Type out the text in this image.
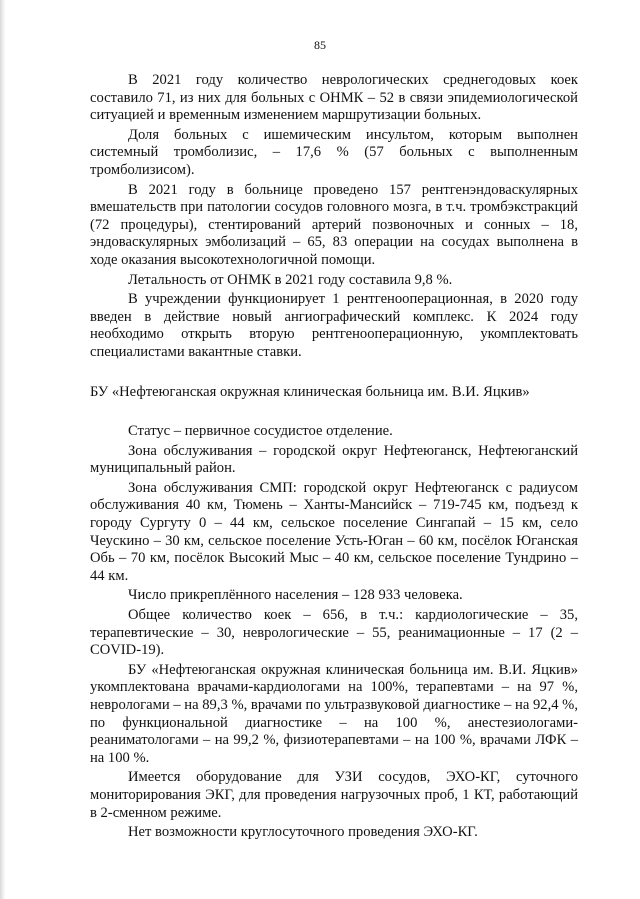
85

В 2021 году количество неврологических среднегодовых коек составило 71, из них для больных с ОНМК – 52 в связи эпидемиологической ситуацией и временным изменением маршрутизации больных.

Доля больных с ишемическим инсультом, которым выполнен системный тромболизис, – 17,6 % (57 больных с выполненным тромболизисом).

В 2021 году в больнице проведено 157 рентгенэндоваскулярных вмешательств при патологии сосудов головного мозга, в т.ч. тромбэкстракций (72 процедуры), стентирований артерий позвоночных и сонных – 18, эндоваскулярных эмболизаций – 65, 83 операции на сосудах выполнена в ходе оказания высокотехнологичной помощи.

Летальность от ОНМК в 2021 году составила 9,8 %.

В учреждении функционирует 1 рентгенооперационная, в 2020 году введен в действие новый ангиографический комплекс. К 2024 году необходимо открыть вторую рентгенооперационную, укомплектовать специалистами вакантные ставки.

БУ «Нефтеюганская окружная клиническая больница им. В.И. Яцкив»

Статус – первичное сосудистое отделение.

Зона обслуживания – городской округ Нефтеюганск, Нефтеюганский муниципальный район.

Зона обслуживания СМП: городской округ Нефтеюганск с радиусом обслуживания 40 км, Тюмень – Ханты-Мансийск – 719-745 км, подъезд к городу Сургуту 0 – 44 км, сельское поселение Сингапай – 15 км, село Чеускино – 30 км, сельское поселение Усть-Юган – 60 км, посёлок Юганская Обь – 70 км, посёлок Высокий Мыс – 40 км, сельское поселение Тундрино – 44 км.

Число прикреплённого населения – 128 933 человека.

Общее количество коек – 656, в т.ч.: кардиологические – 35, терапевтические – 30, неврологические – 55, реанимационные – 17 (2 – COVID-19).

БУ «Нефтеюганская окружная клиническая больница им. В.И. Яцкив» укомплектована врачами-кардиологами на 100%, терапевтами – на 97 %, неврологами – на 89,3 %, врачами по ультразвуковой диагностике – на 92,4 %, по функциональной диагностике – на 100 %, анестезиологами-реаниматологами – на 99,2 %, физиотерапевтами – на 100 %, врачами ЛФК – на 100 %.

Имеется оборудование для УЗИ сосудов, ЭХО-КГ, суточного мониторирования ЭКГ, для проведения нагрузочных проб, 1 КТ, работающий в 2-сменном режиме.

Нет возможности круглосуточного проведения ЭХО-КГ.
